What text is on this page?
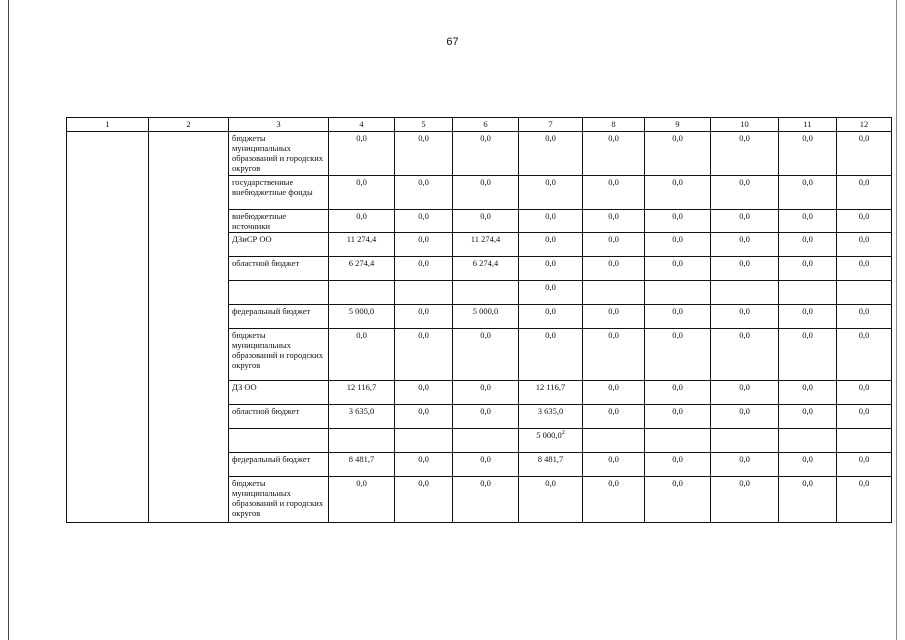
67
1	2	3	4	5	6	7	8	9	10	11	12
		бюджеты муниципальных образований и городских округов	0,0	0,0	0,0	0,0	0,0	0,0	0,0	0,0	0,0
		государственные внебюджетные фонды	0,0	0,0	0,0	0,0	0,0	0,0	0,0	0,0	0,0
		внебюджетные источники	0,0	0,0	0,0	0,0	0,0	0,0	0,0	0,0	0,0
		ДЗиСР ОО	11 274,4	0,0	11 274,4	0,0	0,0	0,0	0,0	0,0	0,0
		областной бюджет	6 274,4	0,0	6 274,4	0,0	0,0	0,0	0,0	0,0	0,0
						0,0					
		федеральный бюджет	5 000,0	0,0	5 000,0	0,0	0,0	0,0	0,0	0,0	0,0
		бюджеты муниципальных образований и городских округов	0,0	0,0	0,0	0,0	0,0	0,0	0,0	0,0	0,0
		ДЗ ОО	12 116,7	0,0	0,0	12 116,7	0,0	0,0	0,0	0,0	0,0
		областной бюджет	3 635,0	0,0	0,0	3 635,0	0,0	0,0	0,0	0,0	0,0
						5 000,0$^2$					
		федеральный бюджет	8 481,7	0,0	0,0	8 481,7	0,0	0,0	0,0	0,0	0,0
		бюджеты муниципальных образований и городских округов	0,0	0,0	0,0	0,0	0,0	0,0	0,0	0,0	0,0
